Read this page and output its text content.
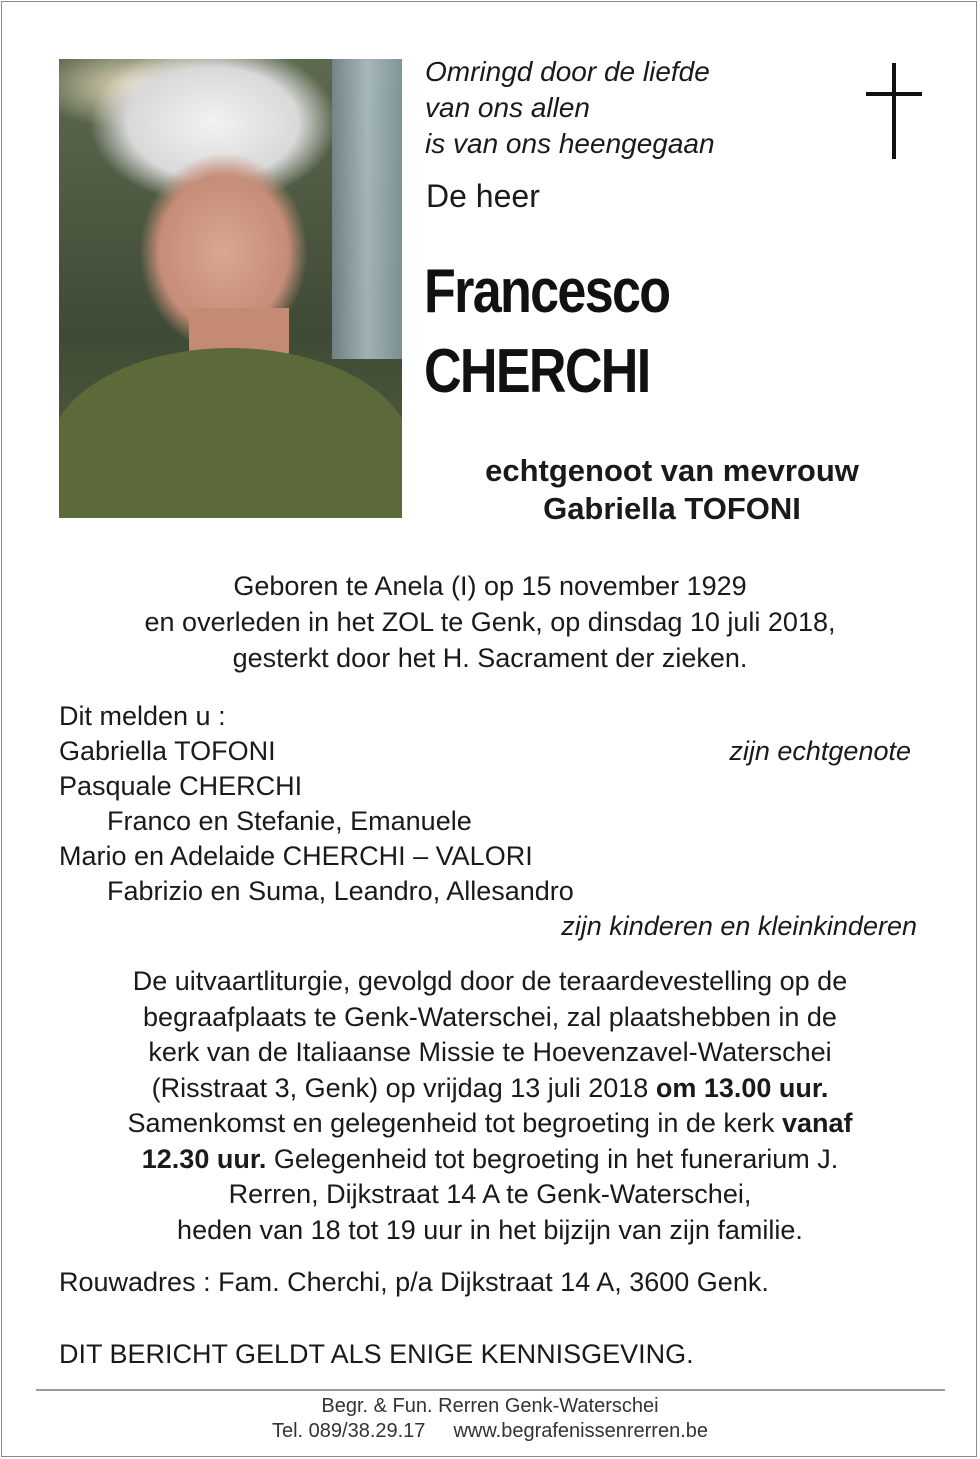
Omringd door de liefde
van ons allen
is van ons heengegaan
De heer
Francesco
CHERCHI
echtgenoot van mevrouw
Gabriella TOFONI
Geboren te Anela (I) op 15 november 1929
en overleden in het ZOL te Genk, op dinsdag 10 juli 2018,
gesterkt door het H. Sacrament der zieken.
Dit melden u :
Gabriella TOFONI	zijn echtgenote
Pasquale CHERCHI
Franco en Stefanie, Emanuele
Mario en Adelaide CHERCHI – VALORI
Fabrizio en Suma, Leandro, Allesandro
zijn kinderen en kleinkinderen
De uitvaartliturgie, gevolgd door de teraardevestelling op de
begraafplaats te Genk-Waterschei, zal plaatshebben in de
kerk van de Italiaanse Missie te Hoevenzavel-Waterschei
(Risstraat 3, Genk) op vrijdag 13 juli 2018 om 13.00 uur.
Samenkomst en gelegenheid tot begroeting in de kerk vanaf
12.30 uur. Gelegenheid tot begroeting in het funerarium J.
Rerren, Dijkstraat 14 A te Genk-Waterschei,
heden van 18 tot 19 uur in het bijzijn van zijn familie.
Rouwadres : Fam. Cherchi, p/a Dijkstraat 14 A, 3600 Genk.
DIT BERICHT GELDT ALS ENIGE KENNISGEVING.
Begr. & Fun. Rerren Genk-Waterschei
Tel. 089/38.29.17 www.begrafenissenrerren.be
